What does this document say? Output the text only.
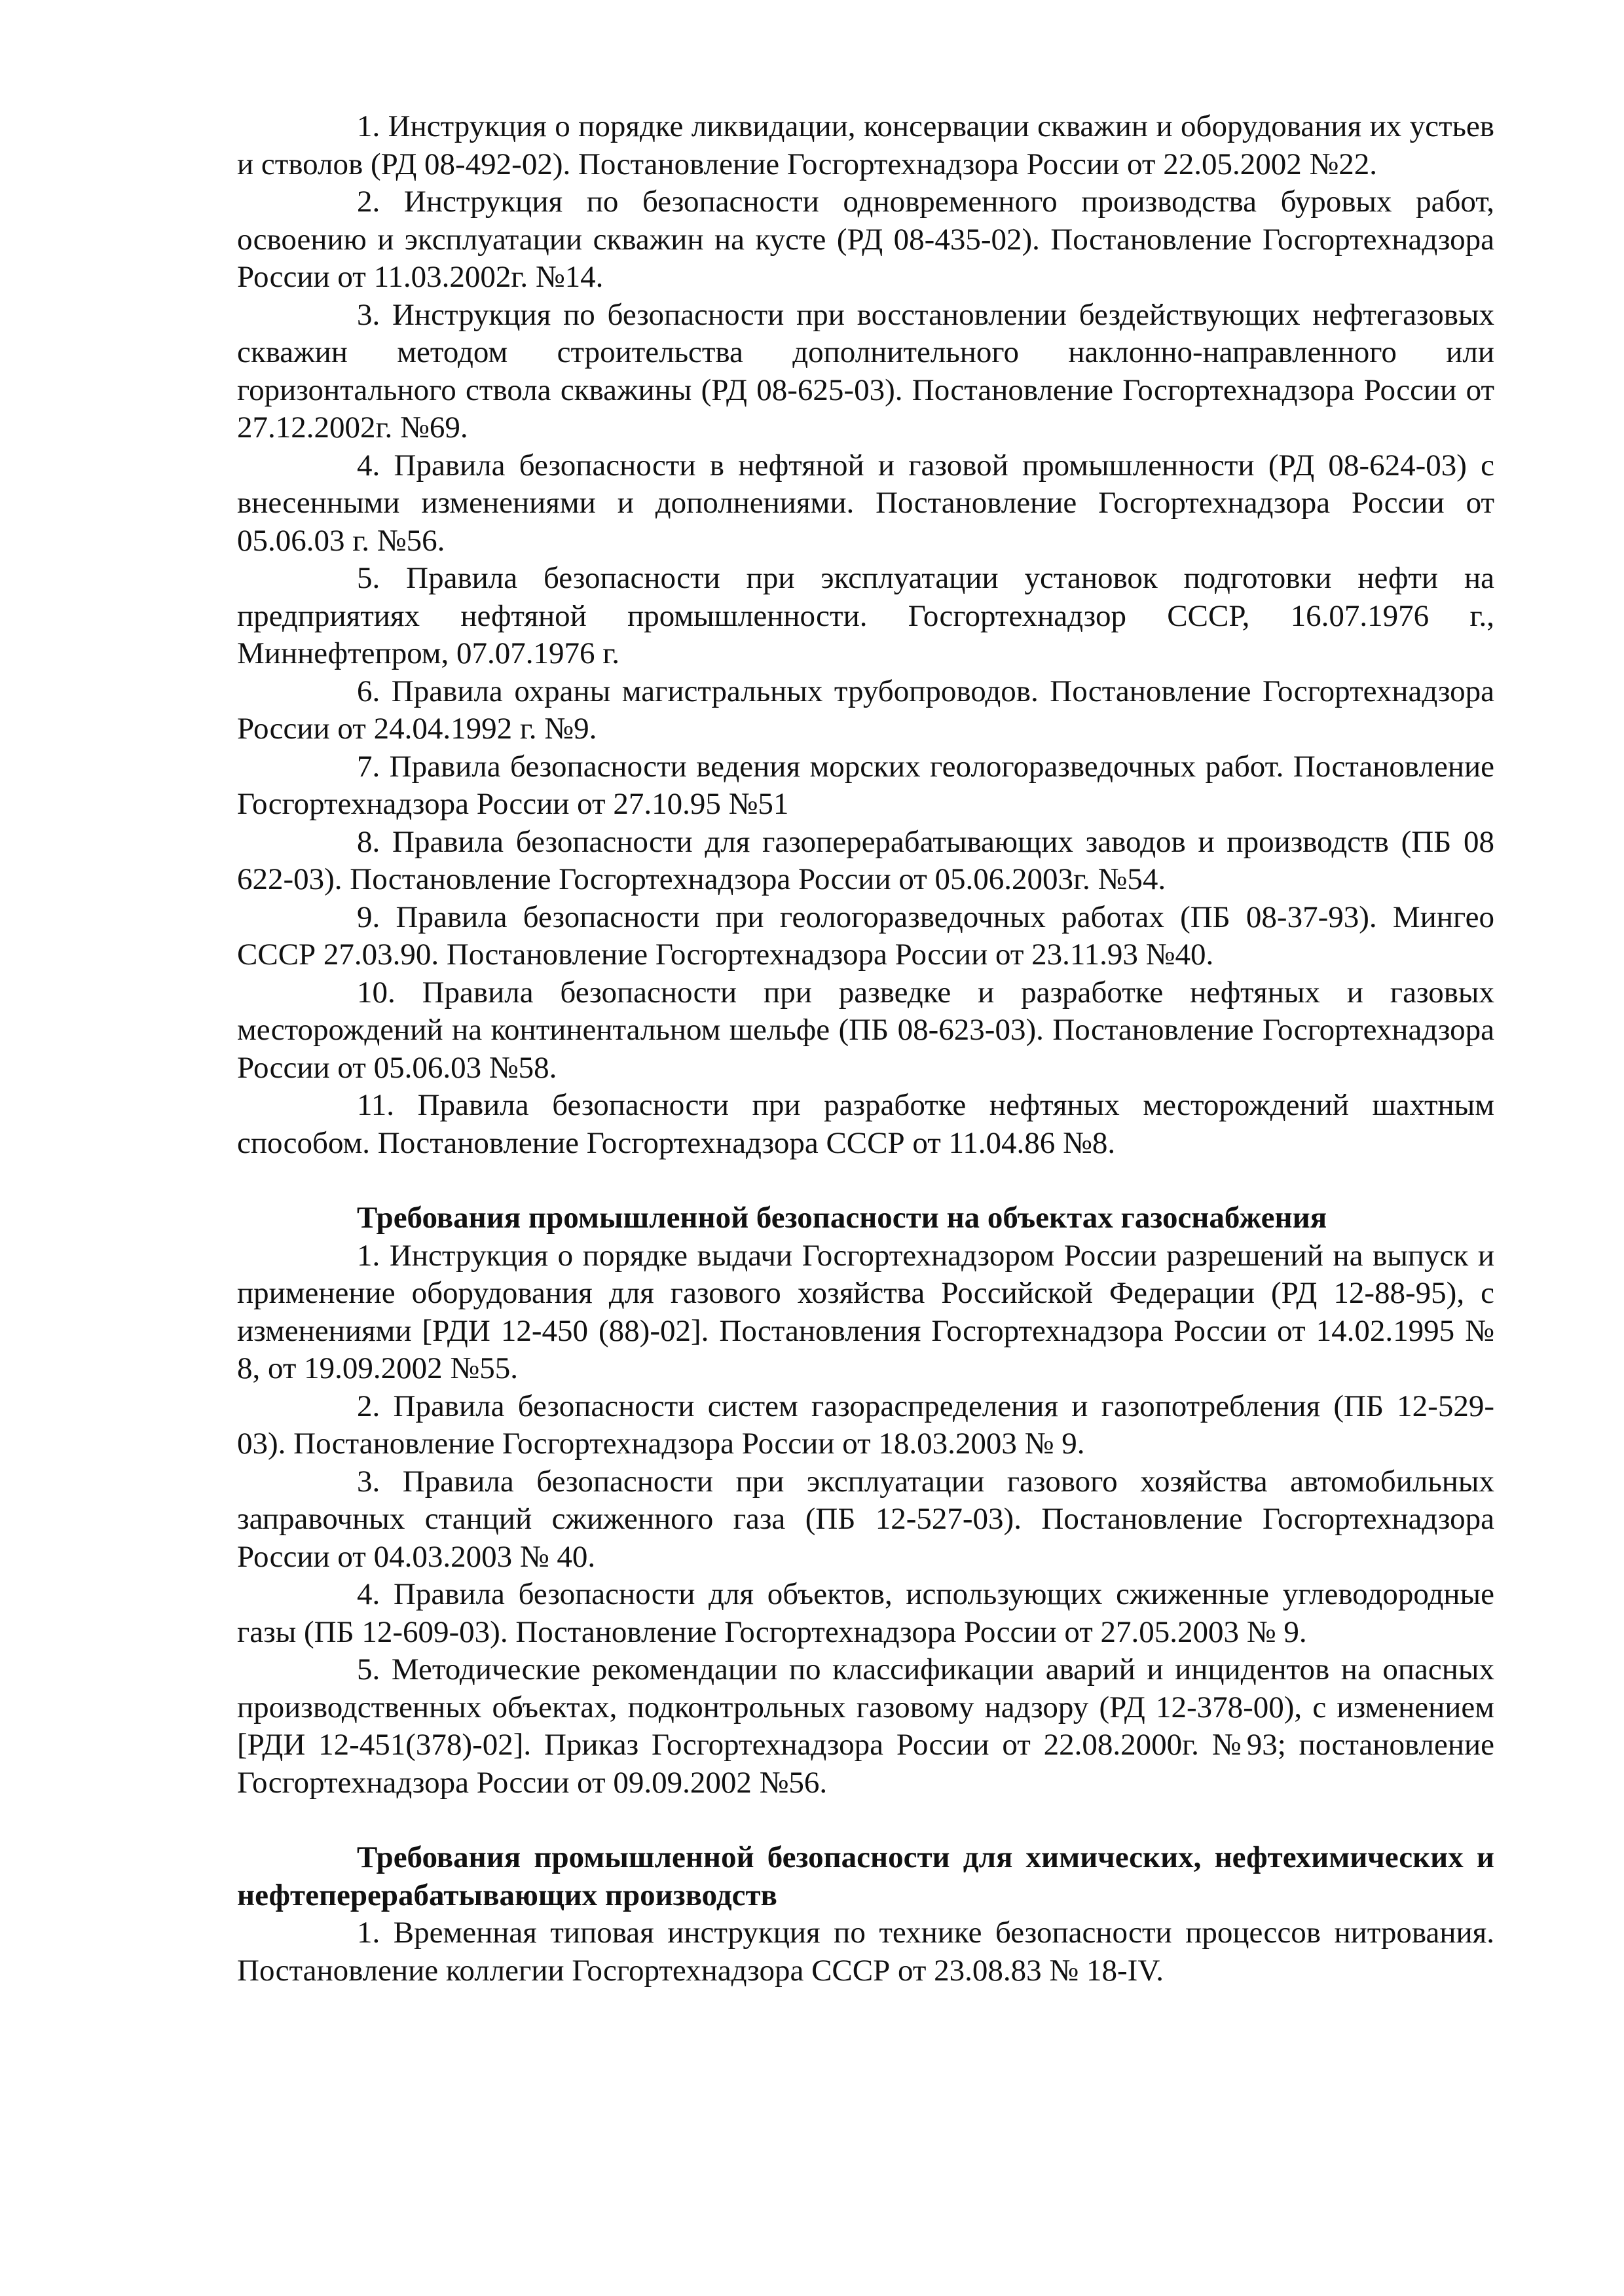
1. Инструкция о порядке ликвидации, консервации скважин и оборудования их устьев и стволов (РД 08-492-02). Постановление Госгортехнадзора России от 22.05.2002 №22.

2. Инструкция по безопасности одновременного производства буровых работ, освоению и эксплуатации скважин на кусте (РД 08-435-02). Постановление Госгортехнадзора России от 11.03.2002г. №14.

3. Инструкция по безопасности при восстановлении бездействующих нефтегазовых скважин методом строительства дополнительного наклонно-направленного или горизонтального ствола скважины (РД 08-625-03). Постановление Госгортехнадзора России от 27.12.2002г. №69.

4. Правила безопасности в нефтяной и газовой промышленности (РД 08-624-03) с внесенными изменениями и дополнениями. Постановление Госгортехнадзора России от 05.06.03 г. №56.

5. Правила безопасности при эксплуатации установок подготовки нефти на предприятиях нефтяной промышленности. Госгортехнадзор СССР, 16.07.1976 г., Миннефтепром, 07.07.1976 г.

6. Правила охраны магистральных трубопроводов. Постановление Госгортехнадзора России от 24.04.1992 г. №9.

7. Правила безопасности ведения морских геологоразведочных работ. Постановление Госгортехнадзора России от 27.10.95 №51

8. Правила безопасности для газоперерабатывающих заводов и производств (ПБ 08 622-03). Постановление Госгортехнадзора России от 05.06.2003г. №54.

9. Правила безопасности при геологоразведочных работах (ПБ 08-37-93). Мингео СССР 27.03.90. Постановление Госгортехнадзора России от 23.11.93 №40.

10. Правила безопасности при разведке и разработке нефтяных и газовых месторождений на континентальном шельфе (ПБ 08-623-03). Постановление Госгортехнадзора России от 05.06.03 №58.

11. Правила безопасности при разработке нефтяных месторождений шахтным способом. Постановление Госгортехнадзора СССР от 11.04.86 №8.

Требования промышленной безопасности на объектах газоснабжения

1. Инструкция о порядке выдачи Госгортехнадзором России разрешений на выпуск и применение оборудования для газового хозяйства Российской Федерации (РД 12-88-95), с изменениями [РДИ 12-450 (88)-02]. Постановления Госгортехнадзора России от 14.02.1995 № 8, от 19.09.2002 №55.

2. Правила безопасности систем газораспределения и газопотребления (ПБ 12-529-03). Постановление Госгортехнадзора России от 18.03.2003 № 9.

3. Правила безопасности при эксплуатации газового хозяйства автомобильных заправочных станций сжиженного газа (ПБ 12-527-03). Постановление Госгортехнадзора России от 04.03.2003 № 40.

4. Правила безопасности для объектов, использующих сжиженные углеводородные газы (ПБ 12-609-03). Постановление Госгортехнадзора России от 27.05.2003 № 9.

5. Методические рекомендации по классификации аварий и инцидентов на опасных производственных объектах, подконтрольных газовому надзору (РД 12-378-00), с изменением [РДИ 12-451(378)-02]. Приказ Госгортехнадзора России от 22.08.2000г. №93; постановление Госгортехнадзора России от 09.09.2002 №56.

Требования промышленной безопасности для химических, нефтехимических и нефтеперерабатывающих производств

1. Временная типовая инструкция по технике безопасности процессов нитрования. Постановление коллегии Госгортехнадзора СССР от 23.08.83 № 18-IV.
